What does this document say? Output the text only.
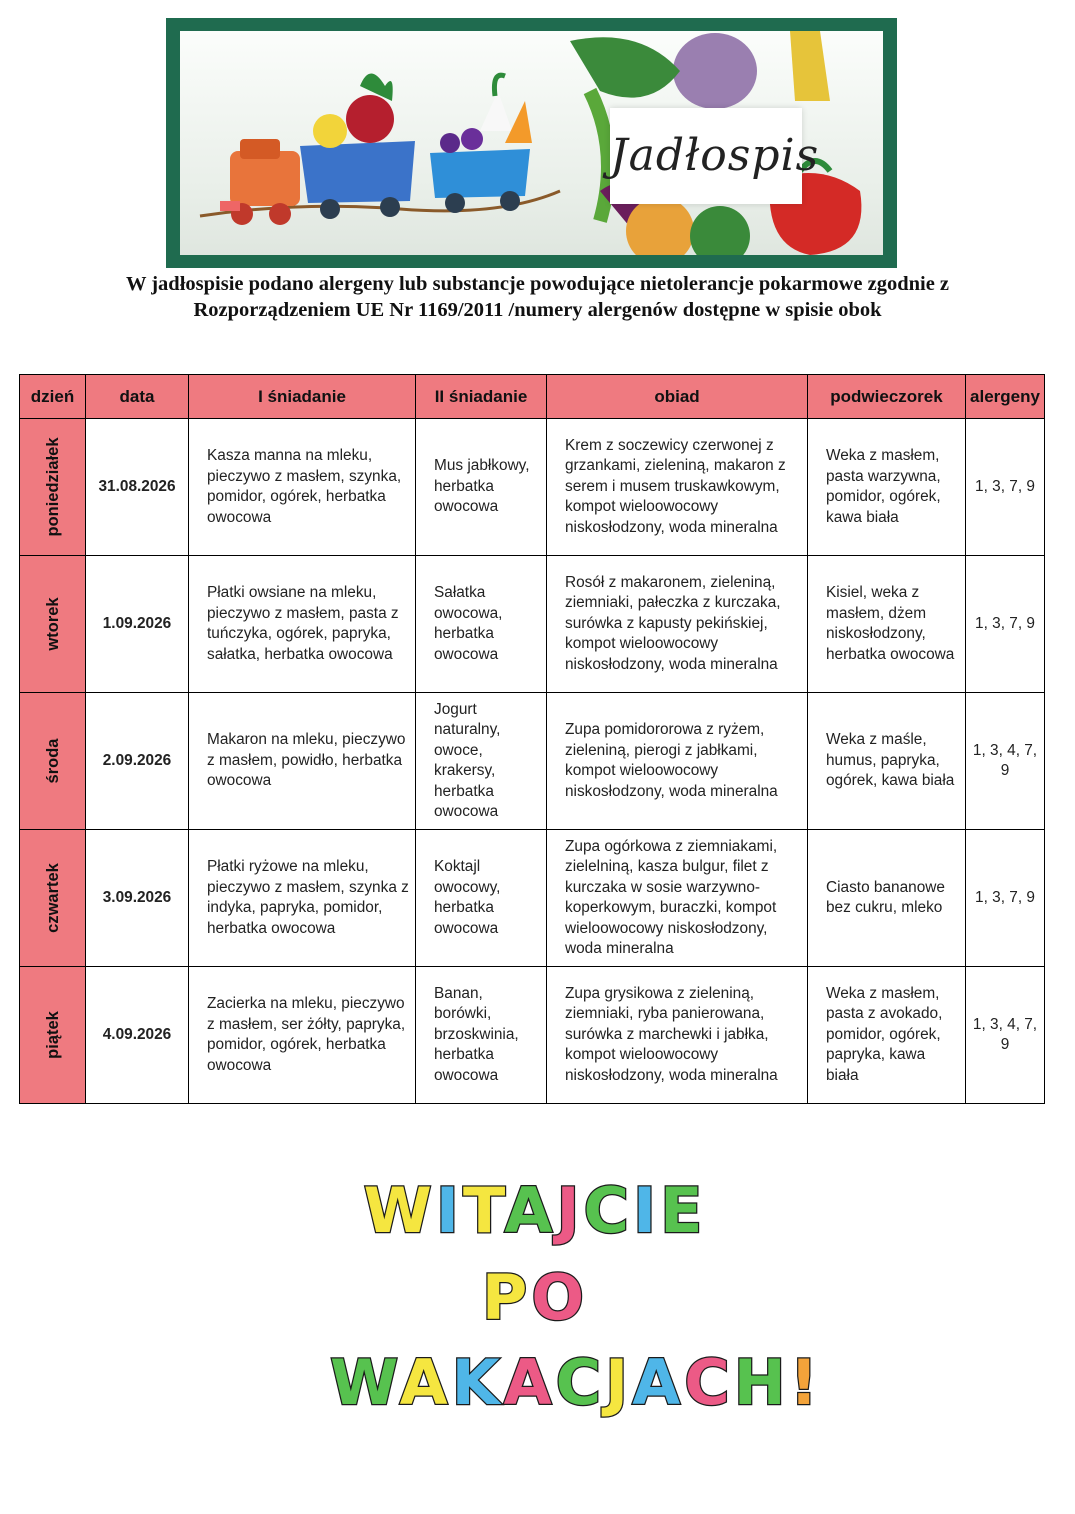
Jadłospis
W jadłospisie podano alergeny lub substancje powodujące nietolerancje pokarmowe zgodnie z
Rozporządzeniem UE Nr 1169/2011 /numery alergenów dostępne w spisie obok
dzień	data	I śniadanie	II śniadanie	obiad	podwieczorek	alergeny

poniedziałek	31.08.2026	Kasza manna na mleku, pieczywo z masłem, szynka, pomidor, ogórek, herbatka owocowa	Mus jabłkowy, herbatka owocowa	Krem z soczewicy czerwonej z grzankami, zieleniną, makaron z serem i musem truskawkowym, kompot wieloowocowy niskosłodzony, woda mineralna	Weka z masłem, pasta warzywna, pomidor, ogórek, kawa biała	1, 3, 7, 9

wtorek	1.09.2026	Płatki owsiane na mleku, pieczywo z masłem, pasta z tuńczyka, ogórek, papryka, sałatka, herbatka owocowa	Sałatka owocowa, herbatka owocowa	Rosół z makaronem, zieleniną, ziemniaki, pałeczka z kurczaka, surówka z kapusty pekińskiej, kompot wieloowocowy niskosłodzony, woda mineralna	Kisiel, weka z masłem, dżem niskosłodzony, herbatka owocowa	1, 3, 7, 9

środa	2.09.2026	Makaron na mleku, pieczywo z masłem, powidło, herbatka owocowa	Jogurt naturalny, owoce, krakersy, herbatka owocowa	Zupa pomidororowa z ryżem, zieleniną, pierogi z jabłkami, kompot wieloowocowy niskosłodzony, woda mineralna	Weka z maśle, humus, papryka, ogórek, kawa biała	1, 3, 4, 7, 9

czwartek	3.09.2026	Płatki ryżowe na mleku, pieczywo z masłem, szynka z indyka, papryka, pomidor, herbatka owocowa	Koktajl owocowy, herbatka owocowa	Zupa ogórkowa z ziemniakami, zielelniną, kasza bulgur, filet z kurczaka w sosie warzywno-koperkowym, buraczki, kompot wieloowocowy niskosłodzony, woda mineralna	Ciasto bananowe bez cukru, mleko	1, 3, 7, 9

piątek	4.09.2026	Zacierka na mleku, pieczywo z masłem, ser żółty, papryka, pomidor, ogórek, herbatka owocowa	Banan, borówki, brzoskwinia, herbatka owocowa	Zupa grysikowa z zieleniną, ziemniaki, ryba panierowana, surówka z marchewki i jabłka, kompot wieloowocowy niskosłodzony, woda mineralna	Weka z masłem, pasta z avokado, pomidor, ogórek, papryka, kawa biała	1, 3, 4, 7, 9
WITAJCIE
PO
WAKACJACH!
